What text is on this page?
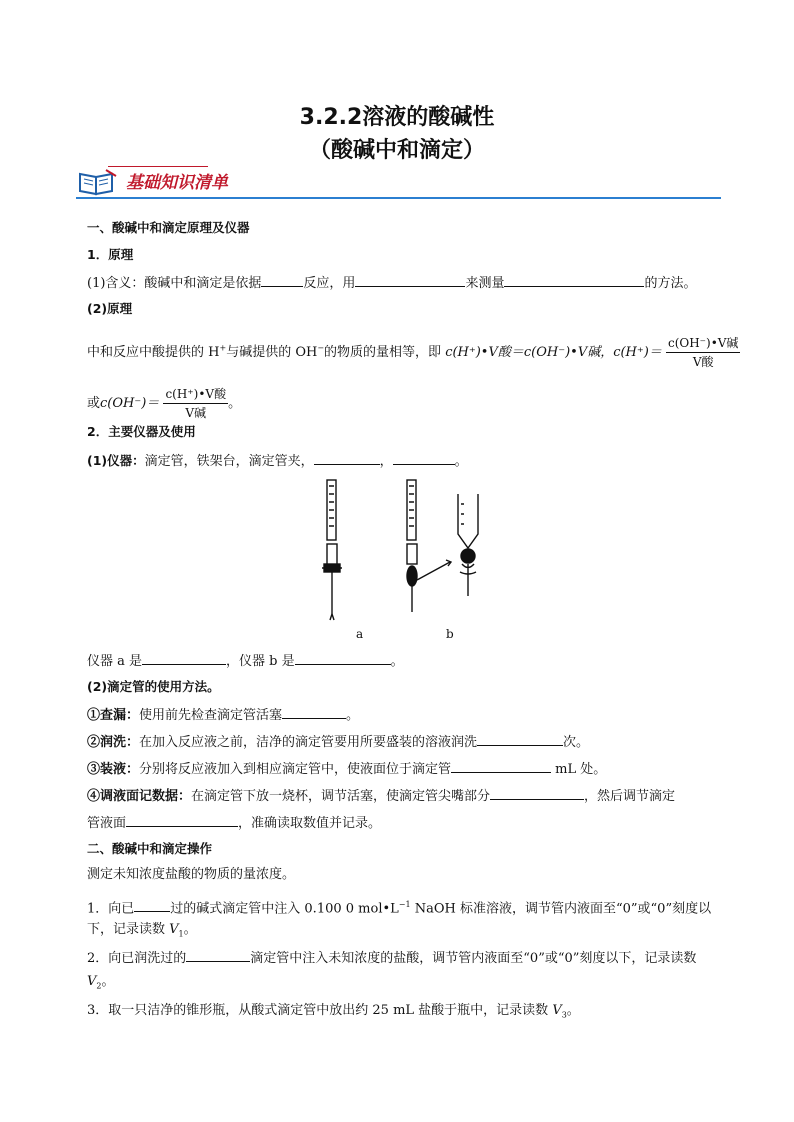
3.2.2溶液的酸碱性
（酸碱中和滴定）
基础知识清单
一、酸碱中和滴定原理及仪器
1．原理
(1)含义：酸碱中和滴定是依据	反应，用	来测量	的方法。
(2)原理
中和反应中酸提供的 H+与碱提供的 OH−的物质的量相等，即 c(H⁺)•V酸＝c(OH⁻)•V碱，$c(H^+)= \frac{\text{c(OH⁻)•V碱}}{\text{V酸}}$
或$c(OH^-)= \frac{\text{c(H⁺)•V酸}}{\text{V碱}}$ 。
2．主要仪器及使用
(1)仪器：滴定管，铁架台，滴定管夹，	，	。
a	b
仪器 a 是	，仪器 b 是	。
(2)滴定管的使用方法。
①查漏：使用前先检查滴定管活塞	。
②润洗：在加入反应液之前，洁净的滴定管要用所要盛装的溶液润洗	次。
③装液：分别将反应液加入到相应滴定管中，使液面位于滴定管	mL 处。
④调液面记数据：在滴定管下放一烧杯，调节活塞，使滴定管尖嘴部分	，然后调节滴定
管液面	，准确读取数值并记录。
二、酸碱中和滴定操作
测定未知浓度盐酸的物质的量浓度。
1．向已	过的碱式滴定管中注入 0.100 0 $mol•L^{-1}$ NaOH 标准溶液，调节管内液面至“0”或“0”刻度以
下，记录读数 $V_1$。
2．向已润洗过的	滴定管中注入未知浓度的盐酸，调节管内液面至“0”或“0”刻度以下，记录读数
$V_2$。
3．取一只洁净的锥形瓶，从酸式滴定管中放出约 25 mL 盐酸于瓶中，记录读数 $V_3$。
